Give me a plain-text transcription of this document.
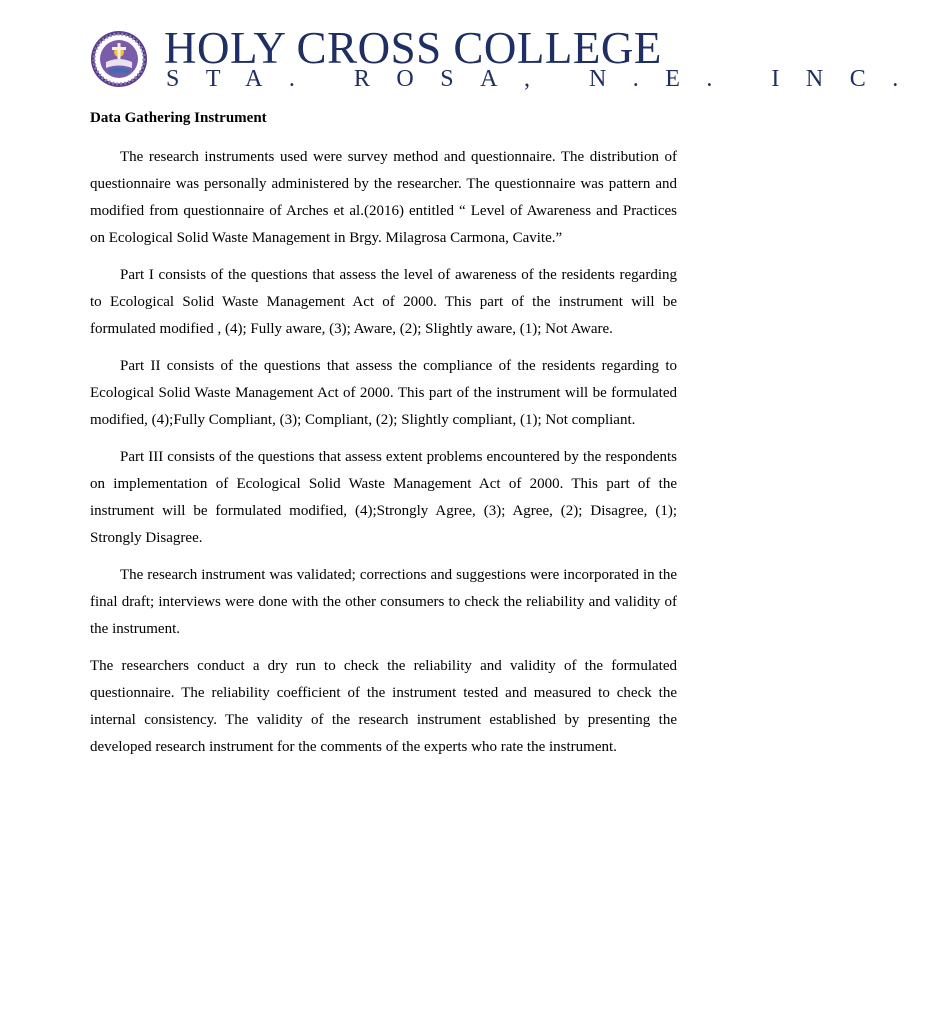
HOLY CROSS COLLEGE
STA. ROSA, N.E. INC.
Data Gathering Instrument

The research instruments used were survey method and questionnaire. The distribution of questionnaire was personally administered by the researcher. The questionnaire was pattern and modified from questionnaire of Arches et al.(2016) entitled “ Level of Awareness and Practices on Ecological Solid Waste Management in Brgy. Milagrosa Carmona, Cavite.”

Part I consists of the questions that assess the level of awareness of the residents regarding to Ecological Solid Waste Management Act of 2000. This part of the instrument will be formulated modified , (4); Fully aware, (3); Aware, (2); Slightly aware, (1); Not Aware.

Part II consists of the questions that assess the compliance of the residents regarding to Ecological Solid Waste Management Act of 2000. This part of the instrument will be formulated modified, (4);Fully Compliant, (3); Compliant, (2); Slightly compliant, (1); Not compliant.

Part III consists of the questions that assess extent problems encountered by the respondents on implementation of Ecological Solid Waste Management Act of 2000. This part of the instrument will be formulated modified, (4);Strongly Agree, (3); Agree, (2); Disagree, (1); Strongly Disagree.

The research instrument was validated; corrections and suggestions were incorporated in the final draft; interviews were done with the other consumers to check the reliability and validity of the instrument.

The researchers conduct a dry run to check the reliability and validity of the formulated questionnaire. The reliability coefficient of the instrument tested and measured to check the internal consistency. The validity of the research instrument established by presenting the developed research instrument for the comments of the experts who rate the instrument.
